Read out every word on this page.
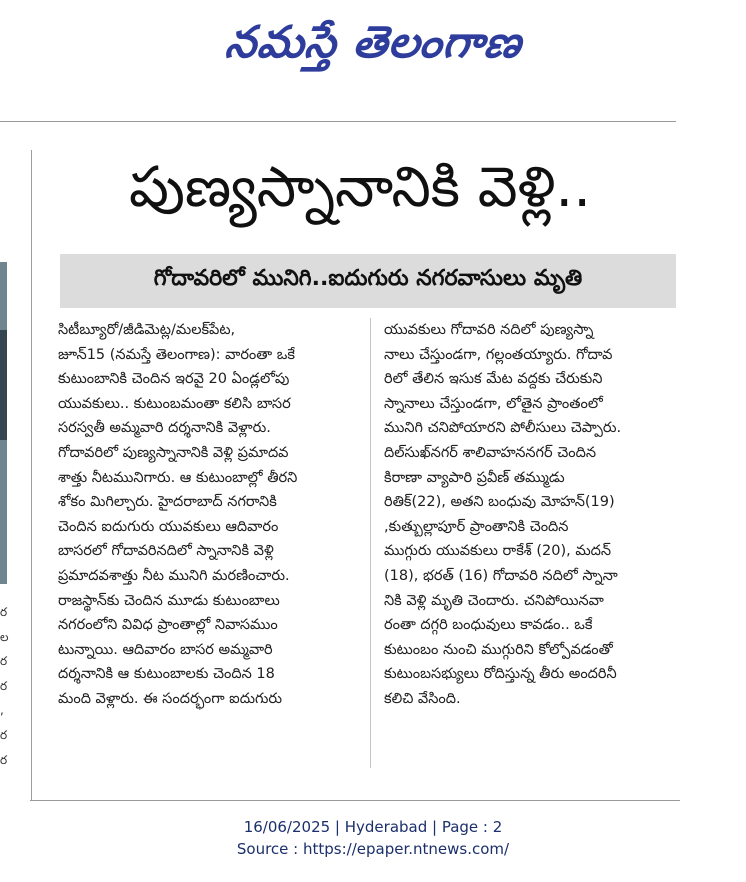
నమస్తే తెలంగాణ
ర
ల
ర
ర
,
ర
ర
పుణ్యస్నానానికి వెళ్లి..
గోదావరిలో మునిగి..ఐదుగురు నగరవాసులు మృతి
సిటీబ్యూరో/జీడిమెట్ల/మలక్‌పేట,
జూన్15 (నమస్తే తెలంగాణ): వారంతా ఒకే
కుటుంబానికి చెందిన ఇరవై 20 ఏండ్లలోపు
యువకులు.. కుటుంబమంతా కలిసి బాసర
సరస్వతీ అమ్మవారి దర్శనానికి వెళ్లారు.
గోదావరిలో పుణ్యస్నానానికి వెళ్లి ప్రమాదవ
శాత్తు నీటమునిగారు. ఆ కుటుంబాల్లో తీరని
శోకం మిగిల్చారు. హైదరాబాద్ నగరానికి
చెందిన ఐదుగురు యువకులు ఆదివారం
బాసరలో గోదావరినదిలో స్నానానికి వెళ్లి
ప్రమాదవశాత్తు నీట మునిగి మరణించారు.
రాజస్థాన్‌కు చెందిన మూడు కుటుంబాలు
నగరంలోని వివిధ ప్రాంతాల్లో నివాసముం
టున్నాయి. ఆదివారం బాసర అమ్మవారి
దర్శనానికి ఆ కుటుంబాలకు చెందిన 18
మంది వెళ్లారు. ఈ సందర్భంగా ఐదుగురు
యువకులు గోదావరి నదిలో పుణ్యస్నా
నాలు చేస్తుండగా, గల్లంతయ్యారు. గోదావ
రిలో తేలిన ఇసుక మేట వద్దకు చేరుకుని
స్నానాలు చేస్తుండగా, లోతైన ప్రాంతంలో
మునిగి చనిపోయారని పోలీసులు చెప్పారు.
దిల్‌సుఖ్‌నగర్ శాలివాహననగర్ చెందిన
కిరాణా వ్యాపారి ప్రవీణ్ తమ్ముడు
రితిక్(22), అతని బంధువు మోహన్(19)
,కుత్బుల్లాపూర్ ప్రాంతానికి చెందిన
ముగ్గురు యువకులు రాకేశ్ (20), మదన్
(18), భరత్ (16) గోదావరి నదిలో స్నానా
నికి వెళ్లి మృతి చెందారు. చనిపోయినవా
రంతా దగ్గరి బంధువులు కావడం.. ఒకే
కుటుంబం నుంచి ముగ్గురిని కోల్పోవడంతో
కుటుంబసభ్యులు రోదిస్తున్న తీరు అందరినీ
కలిచి వేసింది.
16/06/2025 | Hyderabad | Page : 2
Source : https://epaper.ntnews.com/
